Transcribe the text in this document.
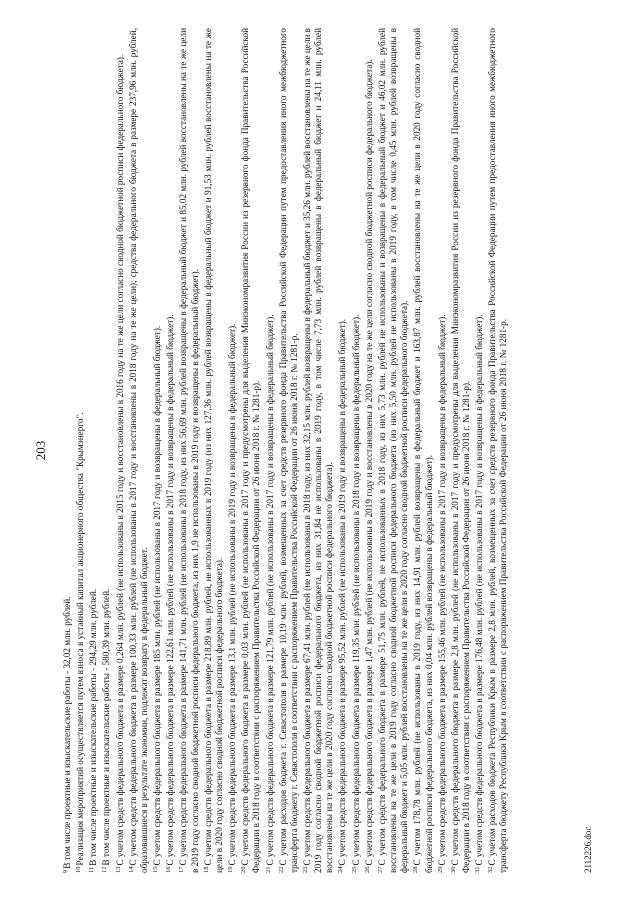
203

$^9$В том числе проектные и изыскательские работы - 32,02 млн. рублей.

$^{10}$Реализация мероприятий осуществляется путем взноса в уставный капитал акционерного общества "Крымэнерго".

$^{11}$В том числе проектные и изыскательские работы - 294,29 млн. рублей.

$^{12}$В том числе проектные и изыскательские работы - 580,39 млн. рублей.

$^{13}$С учетом средств федерального бюджета в размере 0,264 млн. рублей (не использованы в 2015 году и восстановлены в 2016 году на те же цели согласно сводной бюджетной росписи федерального бюджета).

$^{14}$С учетом средств федерального бюджета в размере 100,33 млн. рублей (не использованы в 2017 году и восстановлены в 2018 году на те же цели); средства федерального бюджета в размере 237,96 млн. рублей, образовавшиеся в результате экономии, подлежат возврату в федеральный бюджет. $^{15}$С учетом средств федерального бюджета в размере 185 млн. рублей (не использованы в 2017 году и возвращены в федеральный бюджет).

$^{16}$С учетом средств федерального бюджета в размере 122,61 млн. рублей (не использованы в 2017 году и возвращены в федеральный бюджет).

$^{17}$С учетом средств федерального бюджета в размере 141,71 млн. рублей (не использованы в 2018 году, из них 56,69 млн. рублей возвращены в федеральный бюджет и 85,02 млн. рублей восстановлены на те же цели в 2019 году согласно сводной бюджетной росписи федерального бюджета, из них 1,9 не использованы в 2019 году и возвращены в федеральный бюджет). $^{18}$С учетом средств федерального бюджета в размере 218,89 млн. рублей, не использованных в 2019 году (из них 127,36 млн. рублей возвращены в федеральный бюджет и 91,53 млн. рублей восстановлены на те же цели в 2020 году согласно сводной бюджетной росписи федерального бюджета). $^{19}$С учетом средств федерального бюджета в размере 13,1 млн. рублей (не использованы в 2019 году и возвращены в федеральный бюджет).

$^{20}$С учетом средств федерального бюджета в размере 0,03 млн. рублей (не использованы в 2017 году и предусмотрены для выделения Минэкономразвития России из резервного фонда Правительства Российской Федерации в 2018 году в соответствии с распоряжением Правительства Российской Федерации от 26 июня 2018 г. № 1281-р). $^{21}$С учетом средств федерального бюджета в размере 121,79 млн. рублей (не использованы в 2017 году и возвращены в федеральный бюджет).

$^{22}$С учетом расходов бюджета г. Севастополя в размере 10,19 млн. рублей, возмещенных за счет средств резервного фонда Правительства Российской Федерации путем предоставления иного межбюджетного трансферта бюджету г. Севастополя в соответствии с распоряжением Правительства Российской Федерации от 26 июня 2018 г. № 1281-р. $^{23}$С учетом средств федерального бюджета в размере 67,41 млн. рублей (не использованы в 2018 году, из них 32,15 млн. рублей возвращены в федеральный бюджет и 35,26 млн. рублей восстановлены на те же цели в 2019 году согласно сводной бюджетной росписи федерального бюджета, из них 31,84 не использованы в 2019 году, в том числе 7,73 млн. рублей возвращены в федеральный бюджет и 24,11 млн. рублей восстановлены на те же цели в 2020 году согласно сводной бюджетной росписи федерального бюджета). $^{24}$С учетом средств федерального бюджета в размере 95,52 млн. рублей (не использованы в 2019 году и возвращены в федеральный бюджет).

$^{25}$С учетом средств федерального бюджета в размере 119,35 млн. рублей (не использованы в 2018 году и возвращены в федеральный бюджет).

$^{26}$С учетом средств федерального бюджета в размере 1,47 млн. рублей (не использованы в 2019 году и восстановлены в 2020 году на те же цели согласно сводной бюджетной росписи федерального бюджета).

$^{27}$С учетом средств федерального бюджета в размере 51,75 млн. рублей, не использованных в 2018 году, из них 5,73 млн. рублей не использованы и возвращены в федеральный бюджет и 46,02 млн. рублей восстановлены на те же цели в 2019 году согласно сводной бюджетной росписи федерального бюджета (из них 5,50 млн. рублей не использованы в 2019 году, в том числе 0,45 млн. рублей возвращены в федеральный бюджет и 5,05 млн. рублей восстановлены на те же цели в 2020 году согласно сводной бюджетной росписи федерального бюджета). $^{28}$С учетом 178,78 млн. рублей (не использованы в 2019 году, из них 14,91 млн. рублей возвращены в федеральный бюджет и 163,87 млн. рублей восстановлены на те же цели в 2020 году согласно сводной бюджетной росписи федерального бюджета, из них 0,04 млн. рублей возвращены в федеральный бюджет). $^{29}$С учетом средств федерального бюджета в размере 155,46 млн. рублей (не использованы в 2017 году и возвращены в федеральный бюджет).

$^{30}$С учетом средств федерального бюджета в размере 2,8 млн. рублей (не использованы в 2017 году и предусмотрены для выделения Минэкономразвития России из резервного фонда Правительства Российской Федерации в 2018 году в соответствии с распоряжением Правительства Российской Федерации от 26 июня 2018 г. № 1281-р). $^{31}$С учетом средств федерального бюджета в размере 176,48 млн. рублей (не использованы в 2017 году и возвращены в федеральный бюджет).

$^{32}$С учетом расходов бюджета Республики Крым в размере 2,8 млн. рублей, возмещенных за счет средств резервного фонда Правительства Российской Федерации путем предоставления иного межбюджетного трансферта бюджету Республики Крым в соответствии с распоряжением Правительства Российской Федерации от 26 июня 2018 г. № 1281-р.	2112226.doc
